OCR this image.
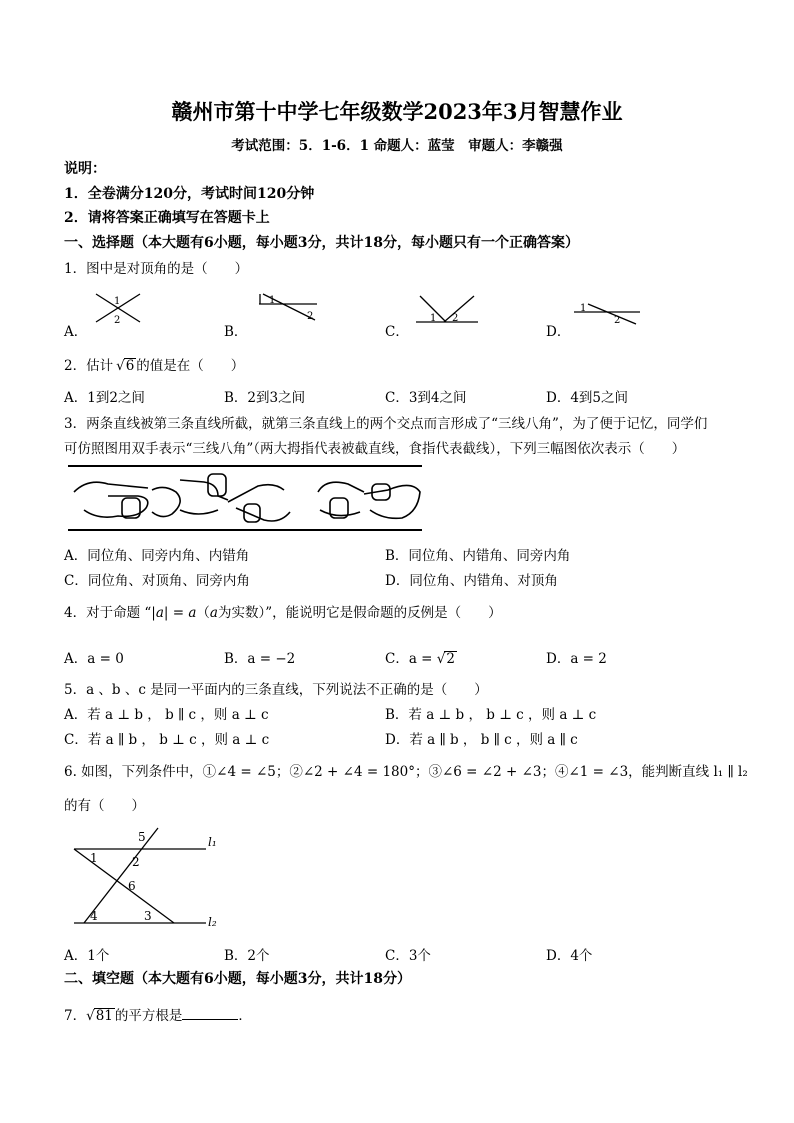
赣州市第十中学七年级数学2023年3月智慧作业
考试范围：5．1-6．1 命题人：蓝莹　审题人：李赣强
说明：
1．全卷满分120分，考试时间120分钟
2．请将答案正确填写在答题卡上
一、选择题（本大题有6小题，每小题3分，共计18分，每小题只有一个正确答案）
1．图中是对顶角的是（　　）
A．	B．	C．	D．
1
2
1
2	1 2
1
2
2．估计 √6 的值是在（　　）
A．1到2之间	B．2到3之间	C．3到4之间	D．4到5之间
3．两条直线被第三条直线所截，就第三条直线上的两个交点而言形成了“三线八角”，为了便于记忆，同学们
可仿照图用双手表示“三线八角”（两大拇指代表被截直线，食指代表截线），下列三幅图依次表示（　　）
A．同位角、同旁内角、内错角	B．同位角、内错角、同旁内角
C．同位角、对顶角、同旁内角	D．同位角、内错角、对顶角
4．对于命题 “|a| = a（a为实数）”，能说明它是假命题的反例是（　　）
A．a = 0	B．a = −2	C．a = √2	D．a = 2
5．a 、b 、c 是同一平面内的三条直线，下列说法不正确的是（　　）
A．若 a ⊥ b ， b ∥ c ，则 a ⊥ c	B．若 a ⊥ b ， b ⊥ c ，则 a ⊥ c
C．若 a ∥ b ， b ⊥ c ，则 a ⊥ c	D．若 a ∥ b ， b ∥ c ，则 a ∥ c
6. 如图，下列条件中，①∠4 = ∠5；②∠2 + ∠4 = 180°；③∠6 = ∠2 + ∠3；④∠1 = ∠3，能判断直线 l₁ ∥ l₂
的有（　　）
5	l₁
1	2
6
4	3	l₂
A．1个	B．2个	C．3个	D．4个
二、填空题（本大题有6小题，每小题3分，共计18分）
7．√81 的平方根是	．
